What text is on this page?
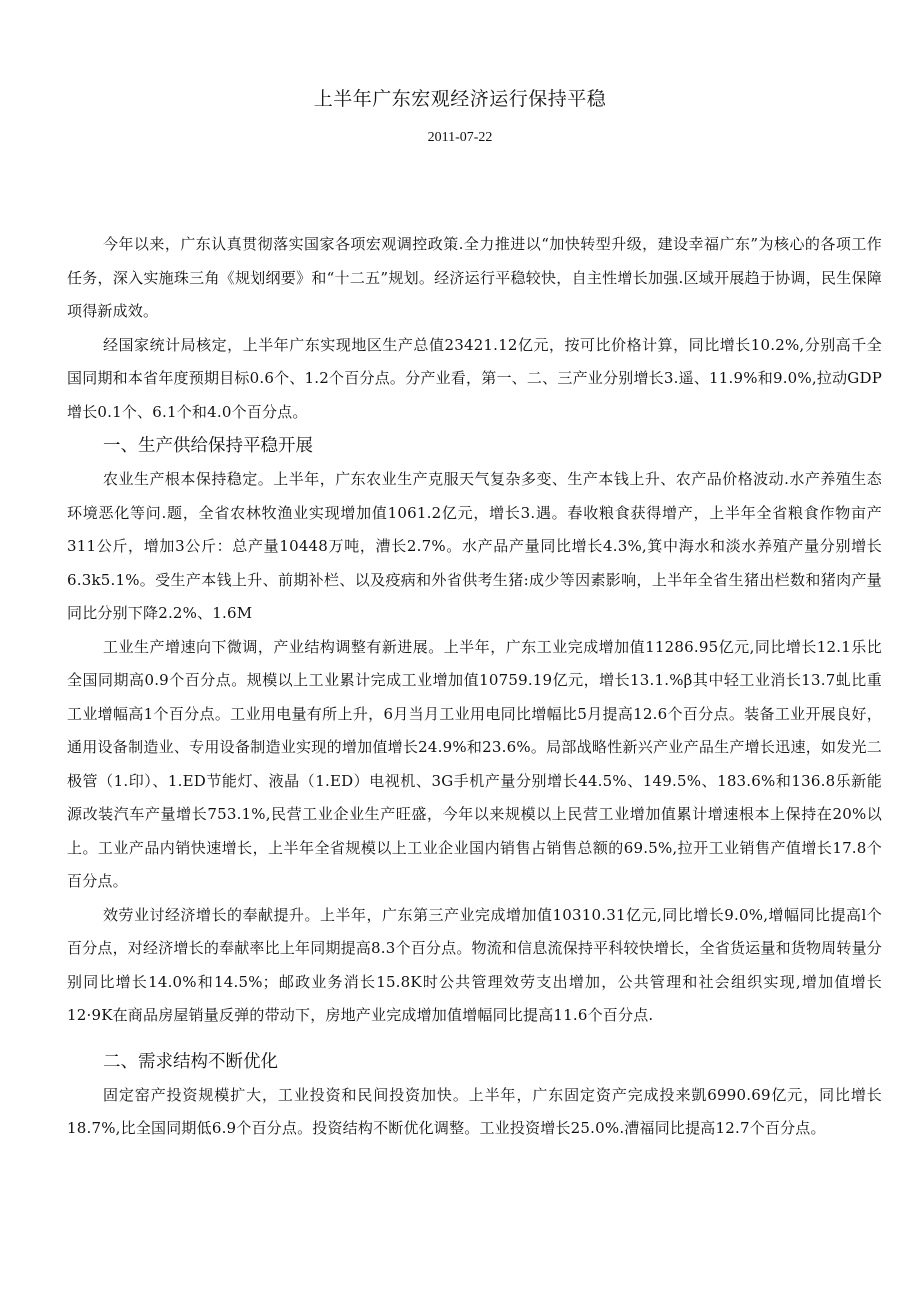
上半年广东宏观经济运行保持平稳
2011-07-22

今年以来，广东认真贯彻落实国家各项宏观调控政策.全力推进以“加快转型升级，建设幸福广东”为核心的各项工作任务，深入实施珠三角《规划纲要》和“十二五”规划。经济运行平稳较快，自主性增长加强.区域开展趋于协调，民生保障项得新成效。

经国家统计局核定，上半年广东实现地区生产总值23421.12亿元，按可比价格计算，同比增长10.2%,分别高千全国同期和本省年度预期目标0.6个、1.2个百分点。分产业看，第一、二、三产业分别增长3.遥、11.9%和9.0%,拉动GDP增长0.1个、6.1个和4.0个百分点。

一、生产供给保持平稳开展

农业生产根本保持稳定。上半年，广东农业生产克服天气复杂多变、生产本钱上升、农产品价格波动.水产养殖生态环境恶化等问.题，全省农林牧渔业实现增加值1061.2亿元，增长3.遇。春收粮食获得增产，上半年全省粮食作物亩产311公斤，增加3公斤：总产量10448万吨，漕长2.7%。水产品产量同比增长4.3%,箕中海水和淡水养殖产量分别增长6.3k5.1%。受生产本钱上升、前期补栏、以及疫病和外省供考生猪:成少等因素影响，上半年全省生猪出栏数和猪肉产量同比分别下降2.2%、1.6M

工业生产增速向下微调，产业结构调整有新进展。上半年，广东工业完成增加值11286.95亿元,同比增长12.1乐比全国同期高0.9个百分点。规模以上工业累计完成工业增加值10759.19亿元，增长13.1.%β其中轻工业消长13.7虬比重工业增幅高1个百分点。工业用电量有所上升，6月当月工业用电同比增幅比5月提高12.6个百分点。装备工业开展良好，通用设备制造业、专用设备制造业实现的增加值增长24.9%和23.6%。局部战略性新兴产业产品生产增长迅速，如发光二极管（1.印）、1.ED节能灯、液晶（1.ED）电视机、3G手机产量分别增长44.5%、149.5%、183.6%和136.8乐新能源改装汽车产量增长753.1%,民营工业企业生产旺盛，今年以来规模以上民营工业增加值累计增速根本上保持在20%以上。工业产品内销快速增长，上半年全省规模以上工业企业国内销售占销售总额的69.5%,拉开工业销售产值增长17.8个百分点。

效劳业讨经济增长的奉献提升。上半年，广东第三产业完成增加值10310.31亿元,同比增长9.0%,增幅同比提高l个百分点，对经济增长的奉献率比上年同期提高8.3个百分点。物流和信息流保持平科较快增长，全省货运量和货物周转量分别同比增长14.0%和14.5%；邮政业务消长15.8K时公共管理效劳支出增加，公共管理和社会组织实现,增加值增长12·9K在商品房屋销量反弹的带动下，房地产业完成增加值增幅同比提高11.6个百分点.

二、需求结构不断优化

固定窑产投资规模扩大，工业投资和民间投资加快。上半年，广东固定资产完成投来凱6990.69亿元，同比增长18.7%,比全国同期低6.9个百分点。投资结构不断优化调整。工业投资增长25.0%.漕福同比提高12.7个百分点。
